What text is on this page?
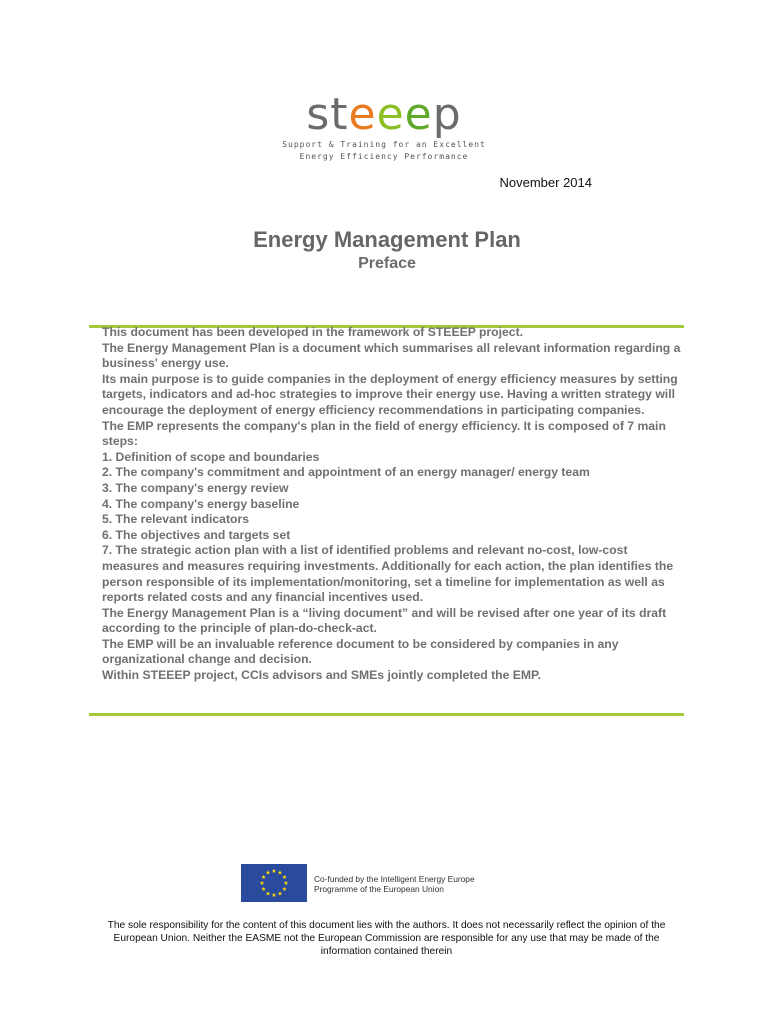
steeep
Support & Training for an Excellent
Energy Efficiency Performance
November 2014
Energy Management Plan
Preface

This document has been developed in the framework of STEEEP project.

The Energy Management Plan is a document which summarises all relevant information regarding a business' energy use.

Its main purpose is to guide companies in the deployment of energy efficiency measures by setting targets, indicators and ad-hoc strategies to improve their energy use. Having a written strategy will encourage the deployment of energy efficiency recommendations in participating companies.

The EMP represents the company's plan in the field of energy efficiency. It is composed of 7 main steps:

1. Definition of scope and boundaries

2. The company's commitment and appointment of an energy manager/ energy team

3. The company's energy review

4. The company's energy baseline

5. The relevant indicators

6. The objectives and targets set

7. The strategic action plan with a list of identified problems and relevant no-cost, low-cost measures and measures requiring investments. Additionally for each action, the plan identifies the person responsible of its implementation/monitoring, set a timeline for implementation as well as reports related costs and any financial incentives used.

The Energy Management Plan is a “living document” and will be revised after one year of its draft according to the principle of plan-do-check-act.

The EMP will be an invaluable reference document to be considered by companies in any organizational change and decision.

Within STEEEP project, CCIs advisors and SMEs jointly completed the EMP.

★ ★
★
★
★
★
★
★
★
★
★
★
Co-funded by the Intelligent Energy Europe
Programme of the European Union
The sole responsibility for the content of this document lies with the authors. It does not necessarily reflect the opinion of the European Union. Neither the EASME not the European Commission are responsible for any use that may be made of the information contained therein
